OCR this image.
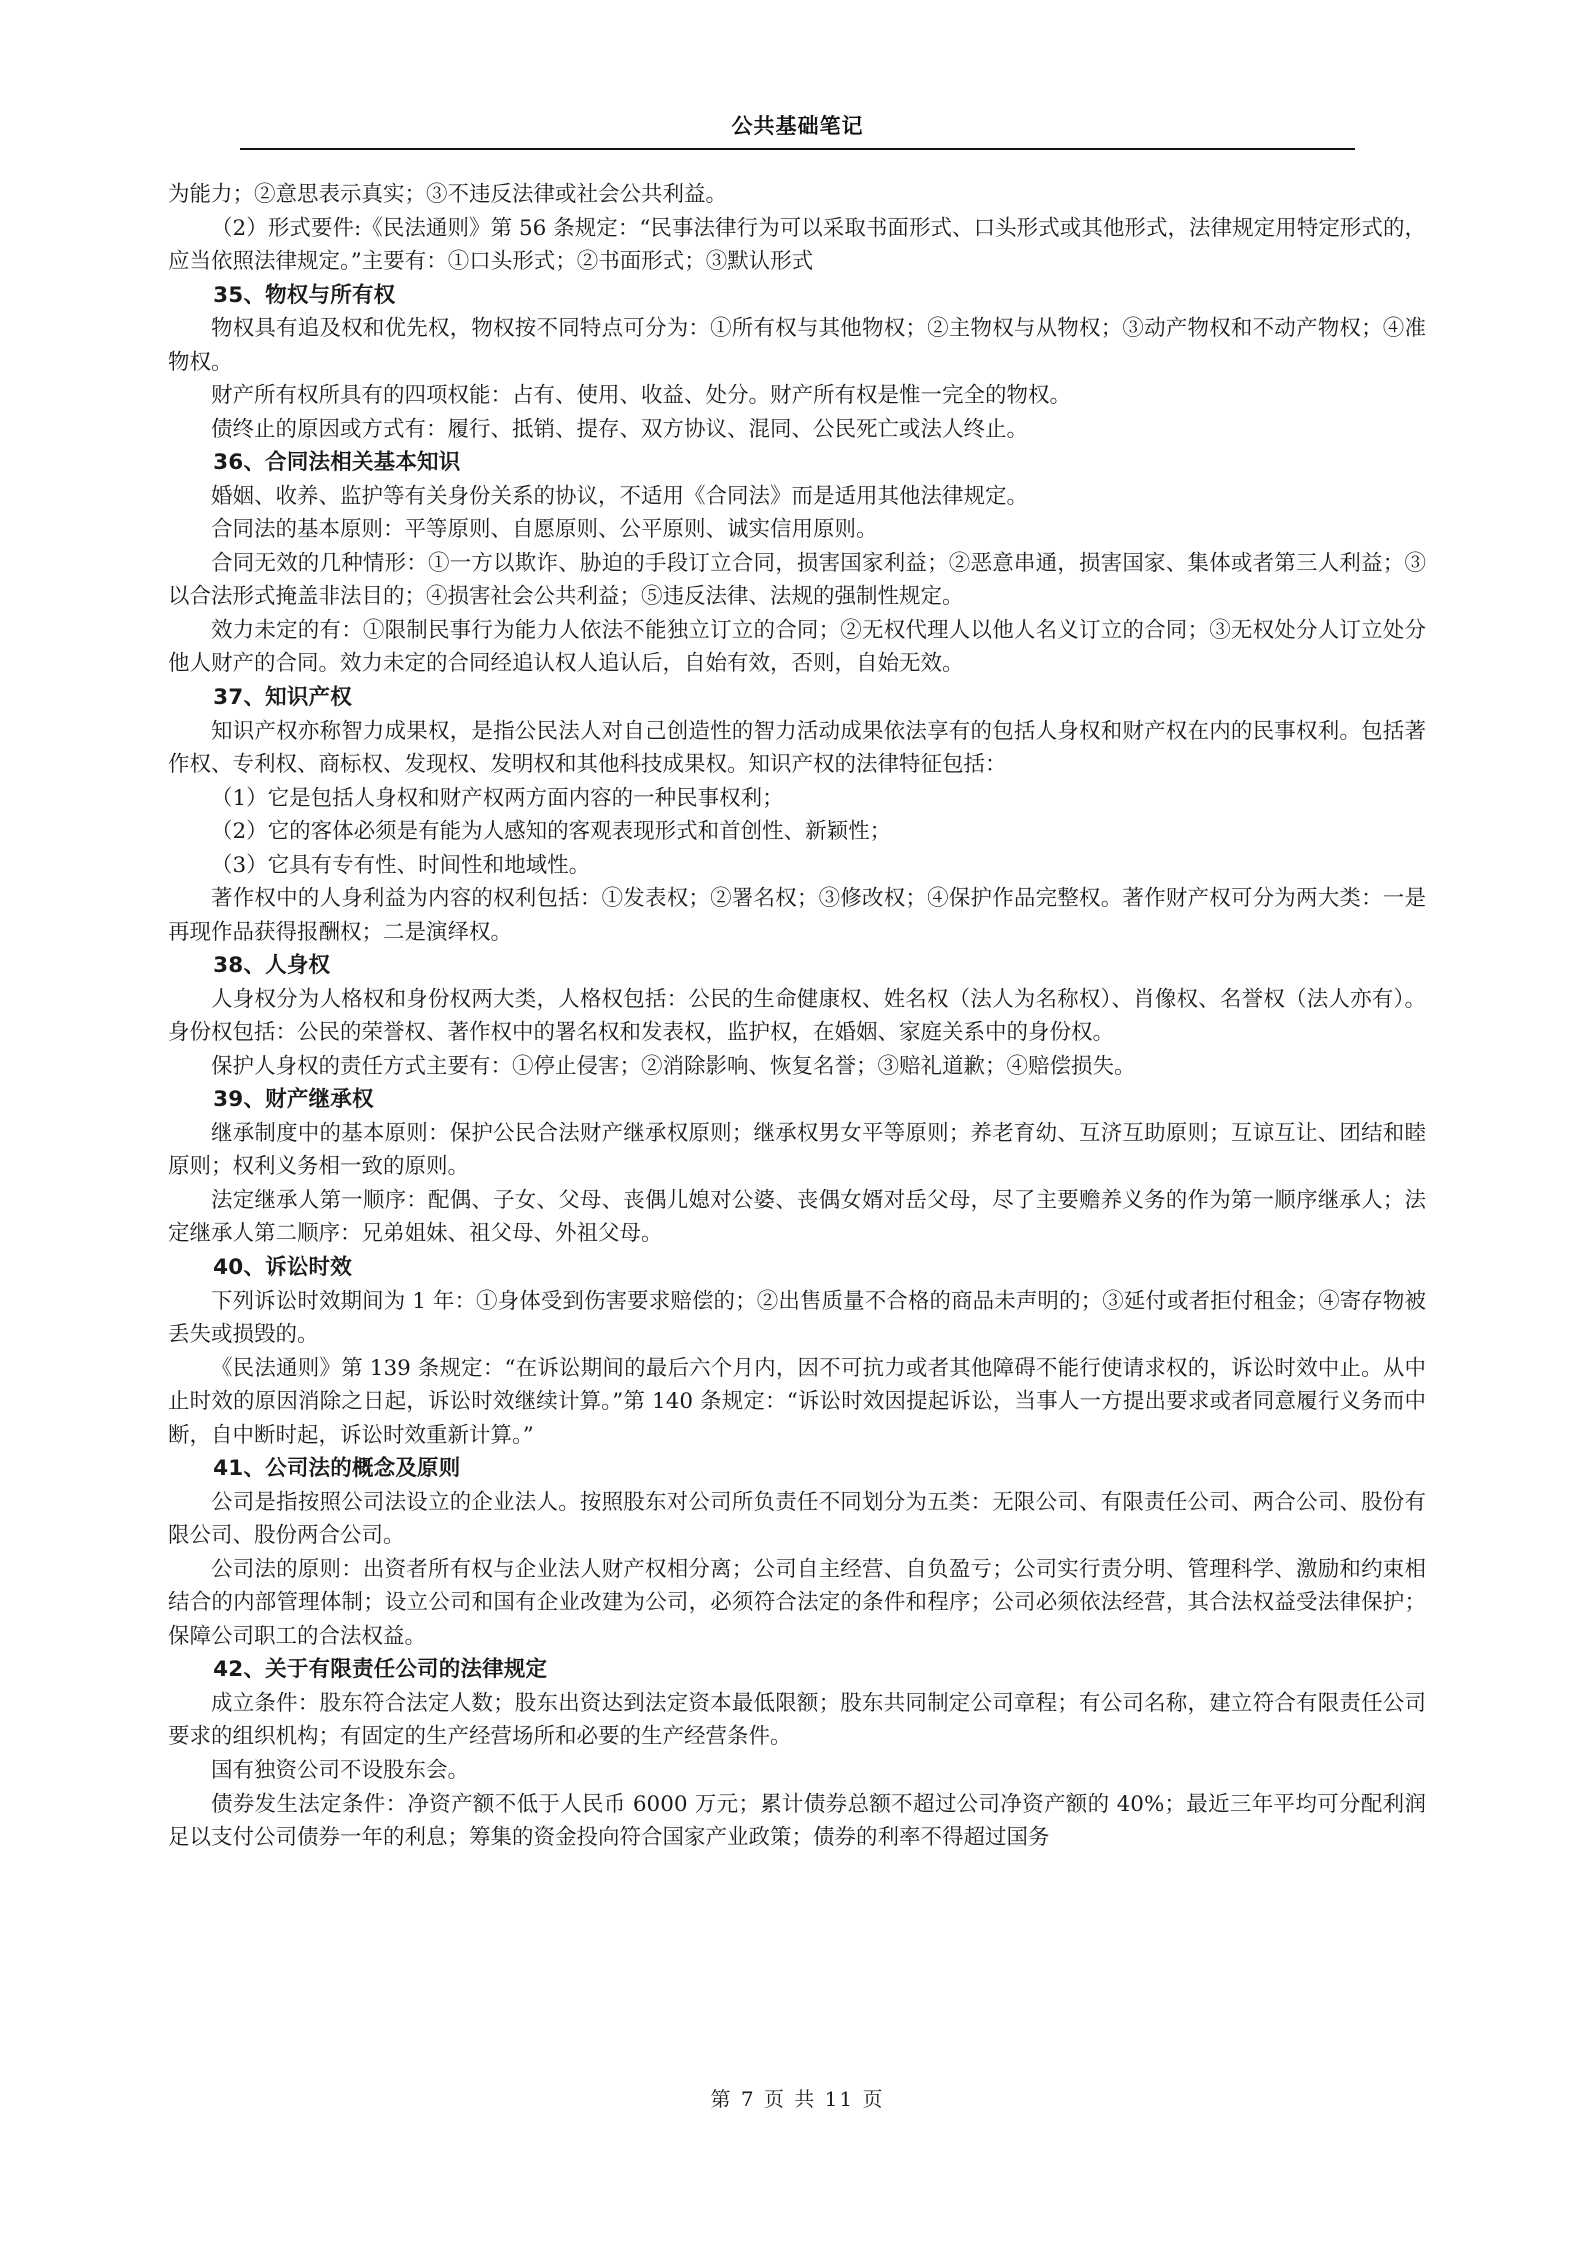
公共基础笔记

为能力；②意思表示真实；③不违反法律或社会公共利益。

（2）形式要件:《民法通则》第 56 条规定：“民事法律行为可以采取书面形式、口头形式或其他形式，法律规定用特定形式的，应当依照法律规定。”主要有：①口头形式；②书面形式；③默认形式

35、物权与所有权

物权具有追及权和优先权，物权按不同特点可分为：①所有权与其他物权；②主物权与从物权；③动产物权和不动产物权；④准物权。

财产所有权所具有的四项权能：占有、使用、收益、处分。财产所有权是惟一完全的物权。

债终止的原因或方式有：履行、抵销、提存、双方协议、混同、公民死亡或法人终止。

36、合同法相关基本知识

婚姻、收养、监护等有关身份关系的协议，不适用《合同法》而是适用其他法律规定。

合同法的基本原则：平等原则、自愿原则、公平原则、诚实信用原则。

合同无效的几种情形：①一方以欺诈、胁迫的手段订立合同，损害国家利益；②恶意串通，损害国家、集体或者第三人利益；③以合法形式掩盖非法目的；④损害社会公共利益；⑤违反法律、法规的强制性规定。

效力未定的有：①限制民事行为能力人依法不能独立订立的合同；②无权代理人以他人名义订立的合同；③无权处分人订立处分他人财产的合同。效力未定的合同经追认权人追认后，自始有效，否则，自始无效。

37、知识产权

知识产权亦称智力成果权，是指公民法人对自己创造性的智力活动成果依法享有的包括人身权和财产权在内的民事权利。包括著作权、专利权、商标权、发现权、发明权和其他科技成果权。知识产权的法律特征包括：

（1）它是包括人身权和财产权两方面内容的一种民事权利；

（2）它的客体必须是有能为人感知的客观表现形式和首创性、新颖性；

（3）它具有专有性、时间性和地域性。

著作权中的人身利益为内容的权利包括：①发表权；②署名权；③修改权；④保护作品完整权。著作财产权可分为两大类：一是再现作品获得报酬权；二是演绎权。

38、人身权

人身权分为人格权和身份权两大类，人格权包括：公民的生命健康权、姓名权（法人为名称权）、肖像权、名誉权（法人亦有）。身份权包括：公民的荣誉权、著作权中的署名权和发表权，监护权，在婚姻、家庭关系中的身份权。

保护人身权的责任方式主要有：①停止侵害；②消除影响、恢复名誉；③赔礼道歉；④赔偿损失。

39、财产继承权

继承制度中的基本原则：保护公民合法财产继承权原则；继承权男女平等原则；养老育幼、互济互助原则；互谅互让、团结和睦原则；权利义务相一致的原则。

法定继承人第一顺序：配偶、子女、父母、丧偶儿媳对公婆、丧偶女婿对岳父母，尽了主要赡养义务的作为第一顺序继承人；法定继承人第二顺序：兄弟姐妹、祖父母、外祖父母。

40、诉讼时效

下列诉讼时效期间为 1 年：①身体受到伤害要求赔偿的；②出售质量不合格的商品未声明的；③延付或者拒付租金；④寄存物被丢失或损毁的。

《民法通则》第 139 条规定：“在诉讼期间的最后六个月内，因不可抗力或者其他障碍不能行使请求权的，诉讼时效中止。从中止时效的原因消除之日起，诉讼时效继续计算。”第 140 条规定：“诉讼时效因提起诉讼，当事人一方提出要求或者同意履行义务而中断，自中断时起，诉讼时效重新计算。”

41、公司法的概念及原则

公司是指按照公司法设立的企业法人。按照股东对公司所负责任不同划分为五类：无限公司、有限责任公司、两合公司、股份有限公司、股份两合公司。

公司法的原则：出资者所有权与企业法人财产权相分离；公司自主经营、自负盈亏；公司实行责分明、管理科学、激励和约束相结合的内部管理体制；设立公司和国有企业改建为公司，必须符合法定的条件和程序；公司必须依法经营，其合法权益受法律保护；保障公司职工的合法权益。

42、关于有限责任公司的法律规定

成立条件：股东符合法定人数；股东出资达到法定资本最低限额；股东共同制定公司章程；有公司名称，建立符合有限责任公司要求的组织机构；有固定的生产经营场所和必要的生产经营条件。

国有独资公司不设股东会。

债券发生法定条件：净资产额不低于人民币 6000 万元；累计债券总额不超过公司净资产额的 40%；最近三年平均可分配利润足以支付公司债券一年的利息；筹集的资金投向符合国家产业政策；债券的利率不得超过国务

第 7 页 共 11 页
